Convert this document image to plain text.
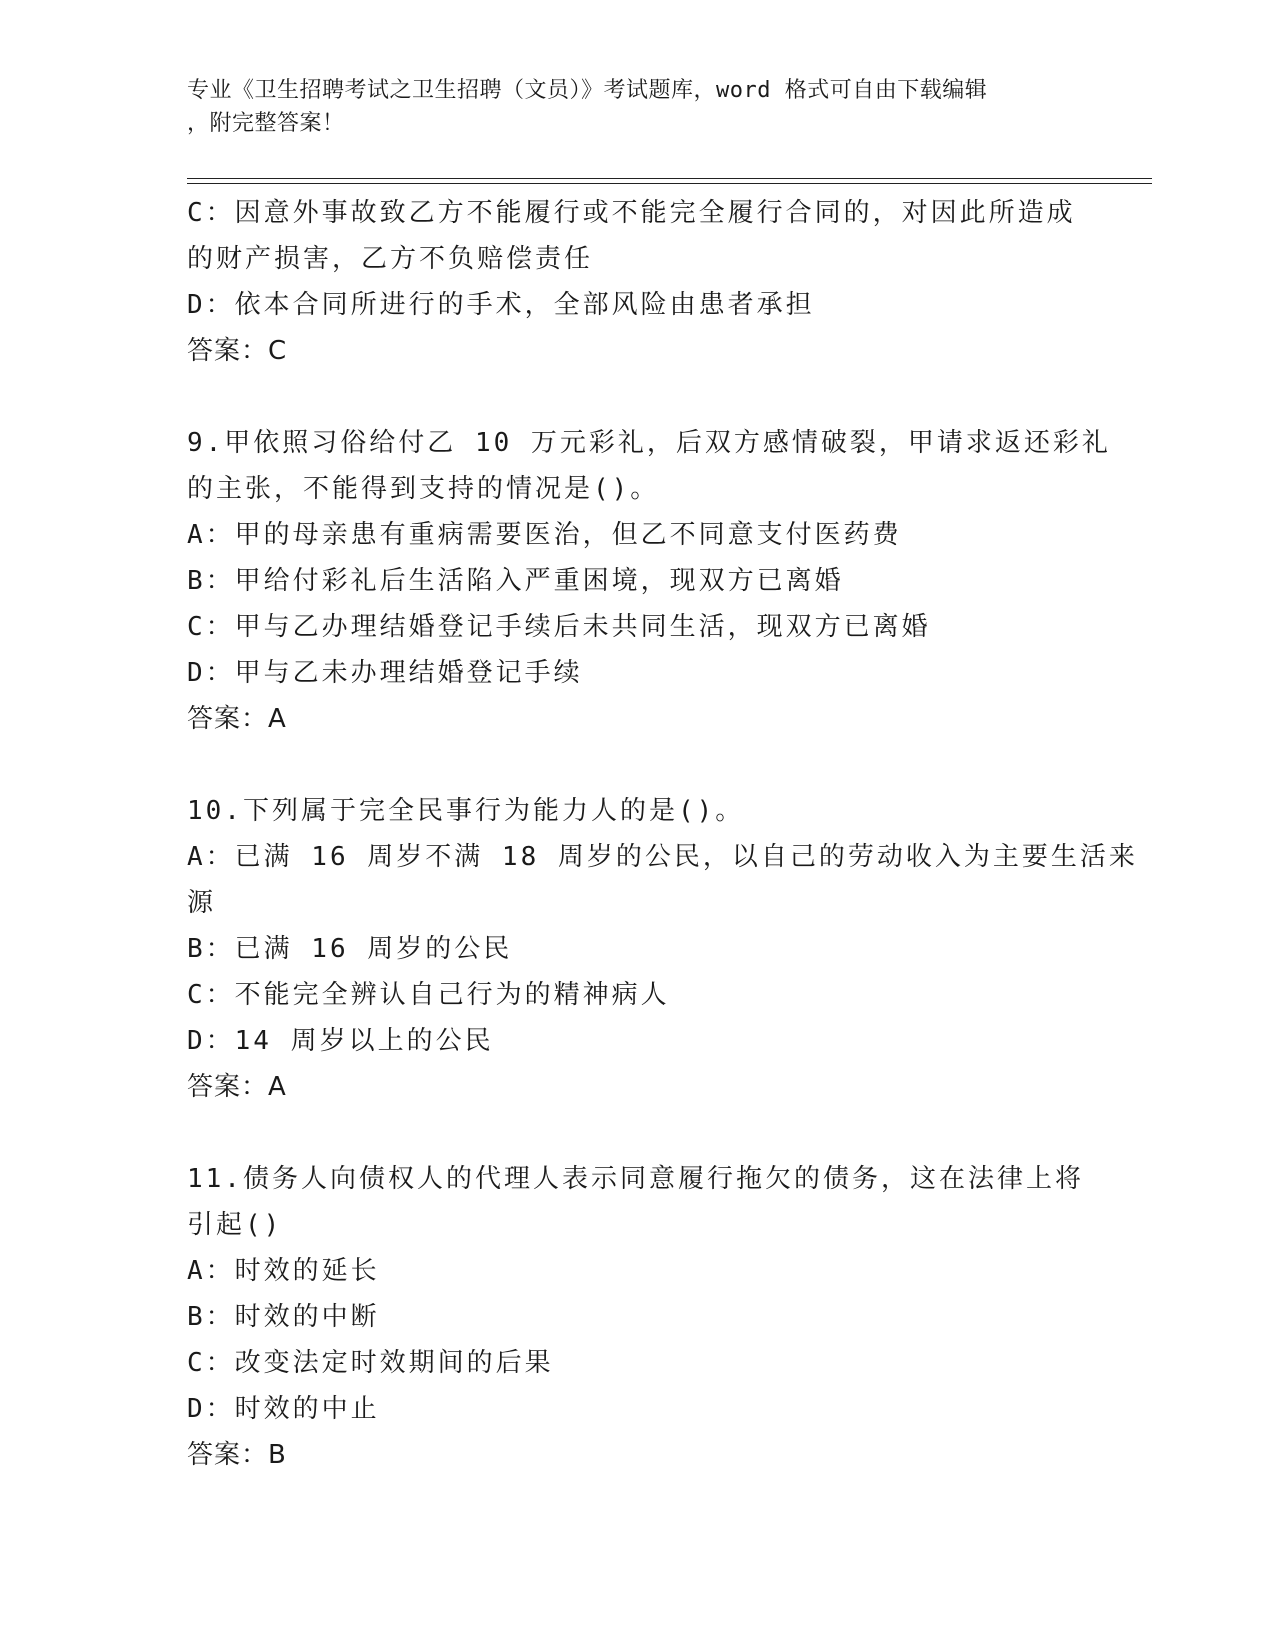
专业《卫生招聘考试之卫生招聘（文员）》考试题库，word 格式可自由下载编辑
，附完整答案！
C：因意外事故致乙方不能履行或不能完全履行合同的，对因此所造成
的财产损害，乙方不负赔偿责任
D：依本合同所进行的手术，全部风险由患者承担
答案：C
9.甲依照习俗给付乙 10 万元彩礼，后双方感情破裂，甲请求返还彩礼
的主张，不能得到支持的情况是()。
A：甲的母亲患有重病需要医治，但乙不同意支付医药费
B：甲给付彩礼后生活陷入严重困境，现双方已离婚
C：甲与乙办理结婚登记手续后未共同生活，现双方已离婚
D：甲与乙未办理结婚登记手续
答案：A
10.下列属于完全民事行为能力人的是()。
A：已满 16 周岁不满 18 周岁的公民，以自己的劳动收入为主要生活来
源
B：已满 16 周岁的公民
C：不能完全辨认自己行为的精神病人
D：14 周岁以上的公民
答案：A
11.债务人向债权人的代理人表示同意履行拖欠的债务，这在法律上将
引起()
A：时效的延长
B：时效的中断
C：改变法定时效期间的后果
D：时效的中止
答案：B
